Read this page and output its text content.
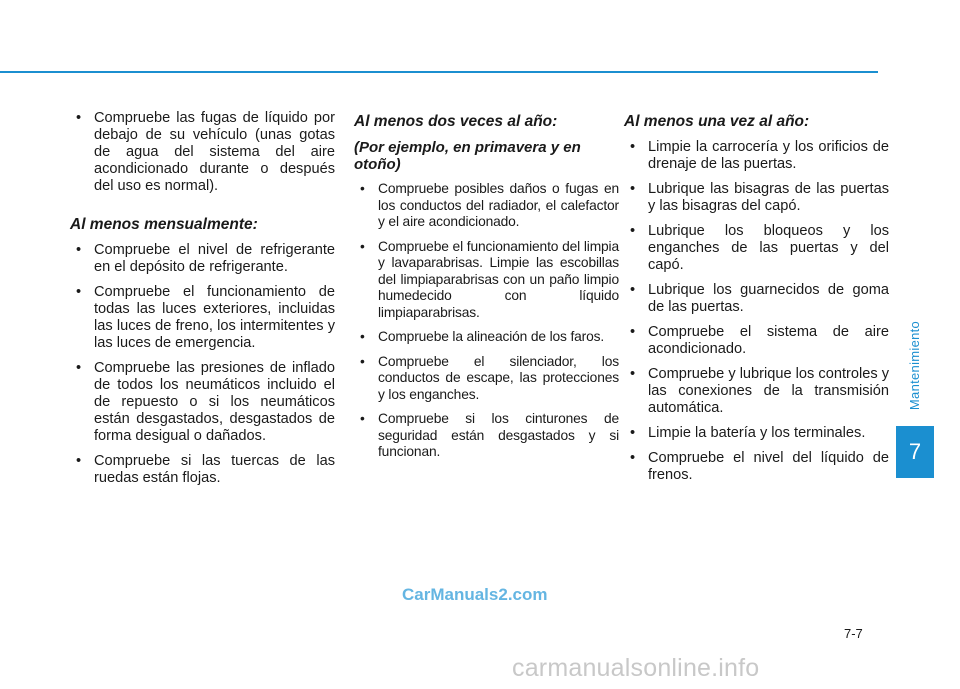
• Compruebe las fugas de líquido por debajo de su vehículo (unas gotas de agua del sistema del aire acondicionado durante o después del uso es normal).
Al menos mensualmente:
• Compruebe el nivel de refrigerante en el depósito de refrigerante.
• Compruebe el funcionamiento de todas las luces exteriores, incluidas las luces de freno, los intermitentes y las luces de emergencia.
• Compruebe las presiones de inflado de todos los neumáticos incluido el de repuesto o si los neumáticos están desgastados, desgastados de forma desigual o dañados.
• Compruebe si las tuercas de las ruedas están flojas.
Al menos dos veces al año:
(Por ejemplo, en primavera y en otoño)
• Compruebe posibles daños o fugas en los conductos del radiador, el calefactor y el aire acondicionado.
• Compruebe el funcionamiento del limpia y lavaparabrisas. Limpie las escobillas del limpiaparabrisas con un paño limpio humedecido con líquido limpiaparabrisas.
• Compruebe la alineación de los faros.
• Compruebe el silenciador, los conductos de escape, las protecciones y los enganches.
• Compruebe si los cinturones de seguridad están desgastados y si funcionan.
Al menos una vez al año:
• Limpie la carrocería y los orificios de drenaje de las puertas.
• Lubrique las bisagras de las puertas y las bisagras del capó.
• Lubrique los bloqueos y los enganches de las puertas y del capó.
• Lubrique los guarnecidos de goma de las puertas.
• Compruebe el sistema de aire acondicionado.
• Compruebe y lubrique los controles y las conexiones de la transmisión automática.
• Limpie la batería y los terminales.
• Compruebe el nivel del líquido de frenos.
Mantenimiento
7
7-7
CarManuals2.com
carmanualsonline.info
